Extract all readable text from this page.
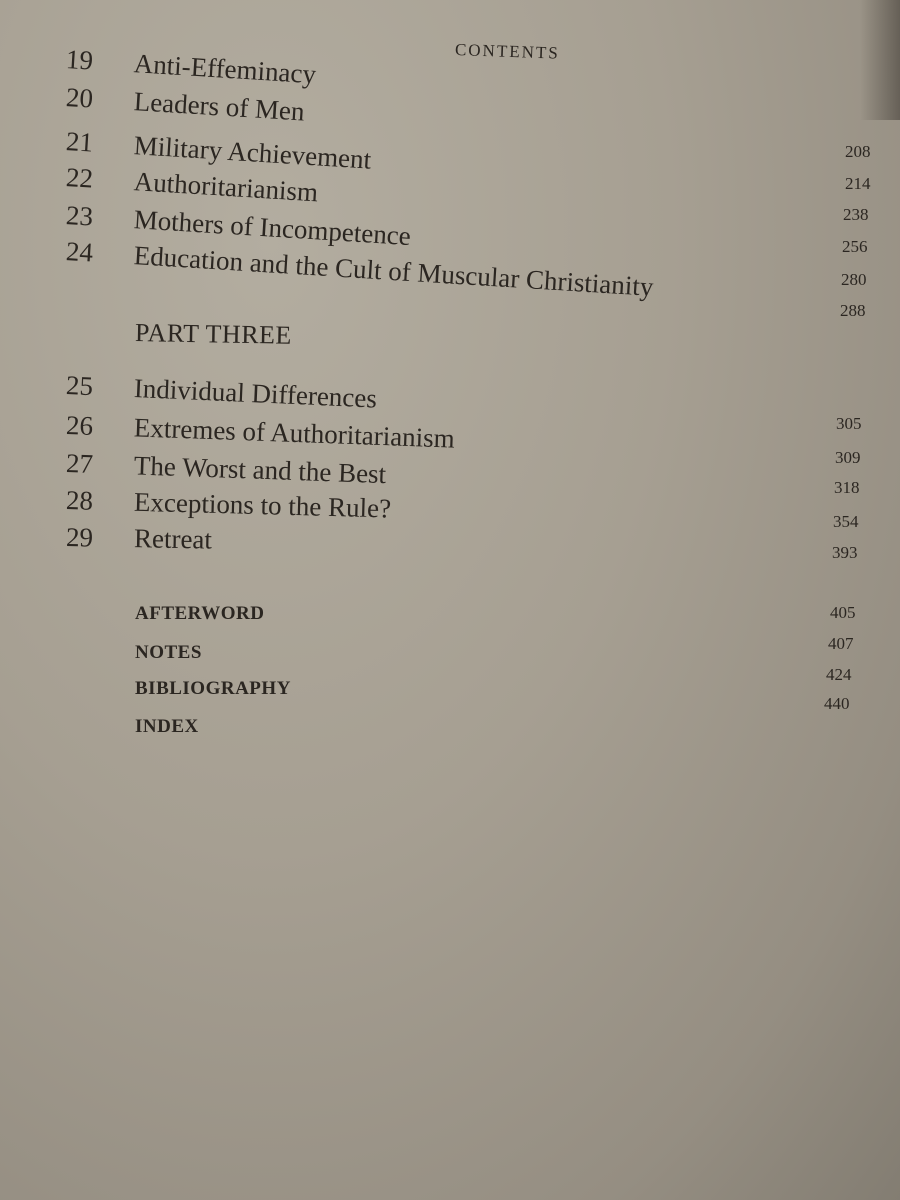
CONTENTS
19 Anti-Effeminacy
20 Leaders of Men
21 Military Achievement
22 Authoritarianism
23 Mothers of Incompetence
24 Education and the Cult of Muscular Christianity
208
214
238
256
280
288
PART THREE
25 Individual Differences
26 Extremes of Authoritarianism
27 The Worst and the Best
28 Exceptions to the Rule?
29 Retreat
305
309
318
354
393
AFTERWORD
NOTES
BIBLIOGRAPHY
INDEX
405
407
424
440
